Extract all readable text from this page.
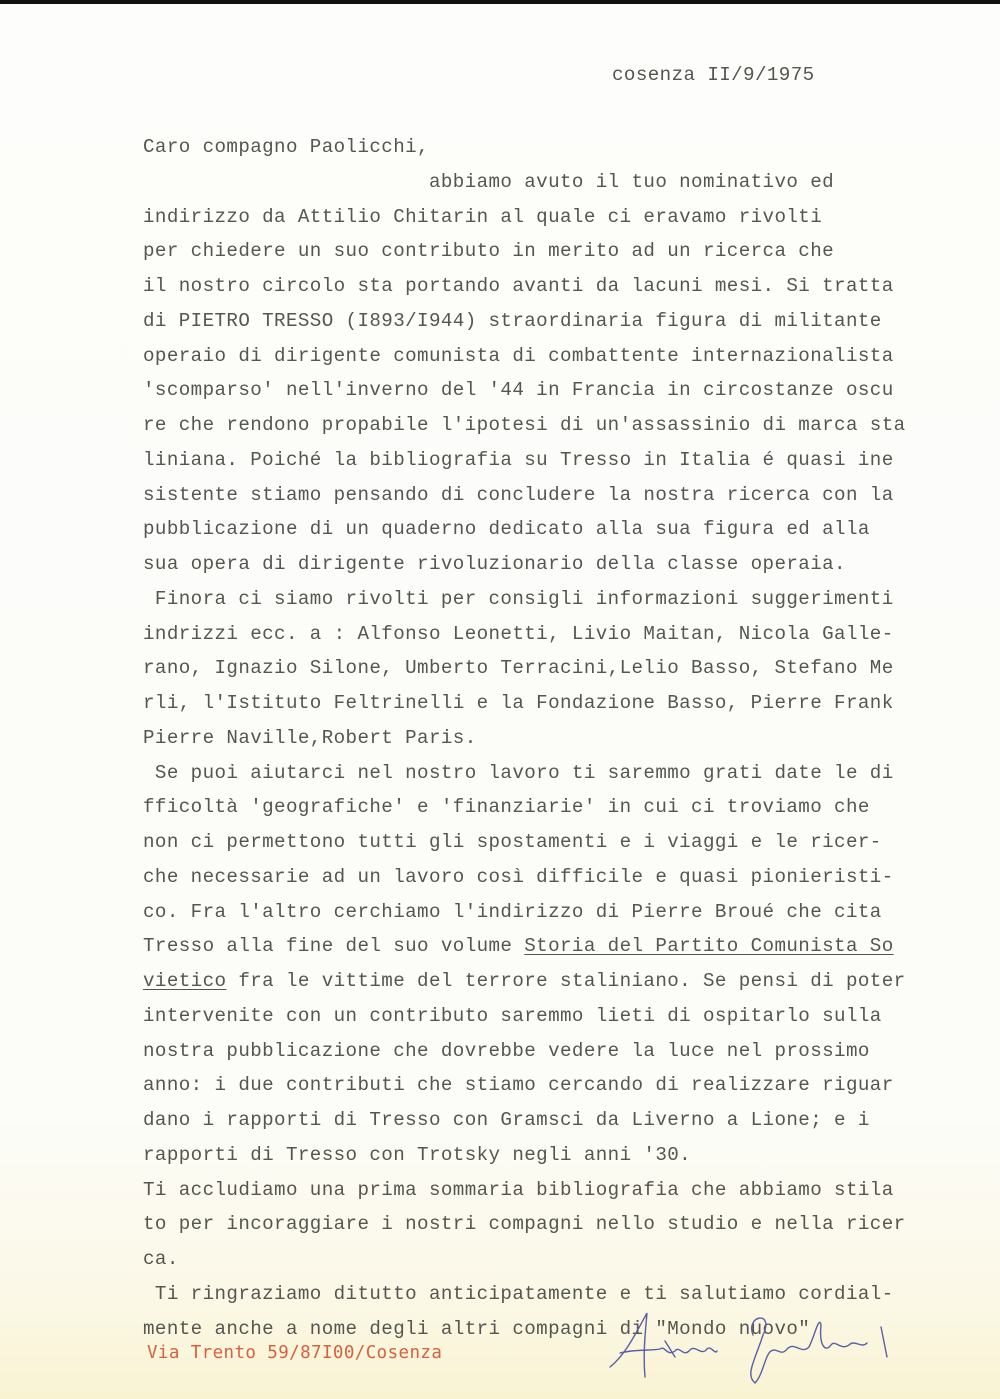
cosenza II/9/1975
Caro compagno Paolicchi,
abbiamo avuto il tuo nominativo ed
indirizzo da Attilio Chitarin al quale ci eravamo rivolti
per chiedere un suo contributo in merito ad un ricerca che
il nostro circolo sta portando avanti da lacuni mesi. Si tratta
di PIETRO TRESSO (I893/I944) straordinaria figura di militante
operaio di dirigente comunista di combattente internazionalista
'scomparso' nell'inverno del '44 in Francia in circostanze oscu
re che rendono propabile l'ipotesi di un'assassinio di marca sta
liniana. Poiché la bibliografia su Tresso in Italia é quasi ine
sistente stiamo pensando di concludere la nostra ricerca con la
pubblicazione di un quaderno dedicato alla sua figura ed alla
sua opera di dirigente rivoluzionario della classe operaia.
Finora ci siamo rivolti per consigli informazioni suggerimenti
indrizzi ecc. a : Alfonso Leonetti, Livio Maitan, Nicola Galle-
rano, Ignazio Silone, Umberto Terracini,Lelio Basso, Stefano Me
rli, l'Istituto Feltrinelli e la Fondazione Basso, Pierre Frank
Pierre Naville,Robert Paris.
Se puoi aiutarci nel nostro lavoro ti saremmo grati date le di
fficoltà 'geografiche' e 'finanziarie' in cui ci troviamo che
non ci permettono tutti gli spostamenti e i viaggi e le ricer-
che necessarie ad un lavoro così difficile e quasi pionieristi-
co. Fra l'altro cerchiamo l'indirizzo di Pierre Broué che cita
Tresso alla fine del suo volume Storia del Partito Comunista So
vietico fra le vittime del terrore staliniano. Se pensi di poter
intervenite con un contributo saremmo lieti di ospitarlo sulla
nostra pubblicazione che dovrebbe vedere la luce nel prossimo
anno: i due contributi che stiamo cercando di realizzare riguar
dano i rapporti di Tresso con Gramsci da Liverno a Lione; e i
rapporti di Tresso con Trotsky negli anni '30.
Ti accludiamo una prima sommaria bibliografia che abbiamo stila
to per incoraggiare i nostri compagni nello studio e nella ricer
ca.
Ti ringraziamo ditutto anticipatamente e ti salutiamo cordial-
mente anche a nome degli altri compagni di "Mondo nuovo"
Via Trento 59/87I00/Cosenza
